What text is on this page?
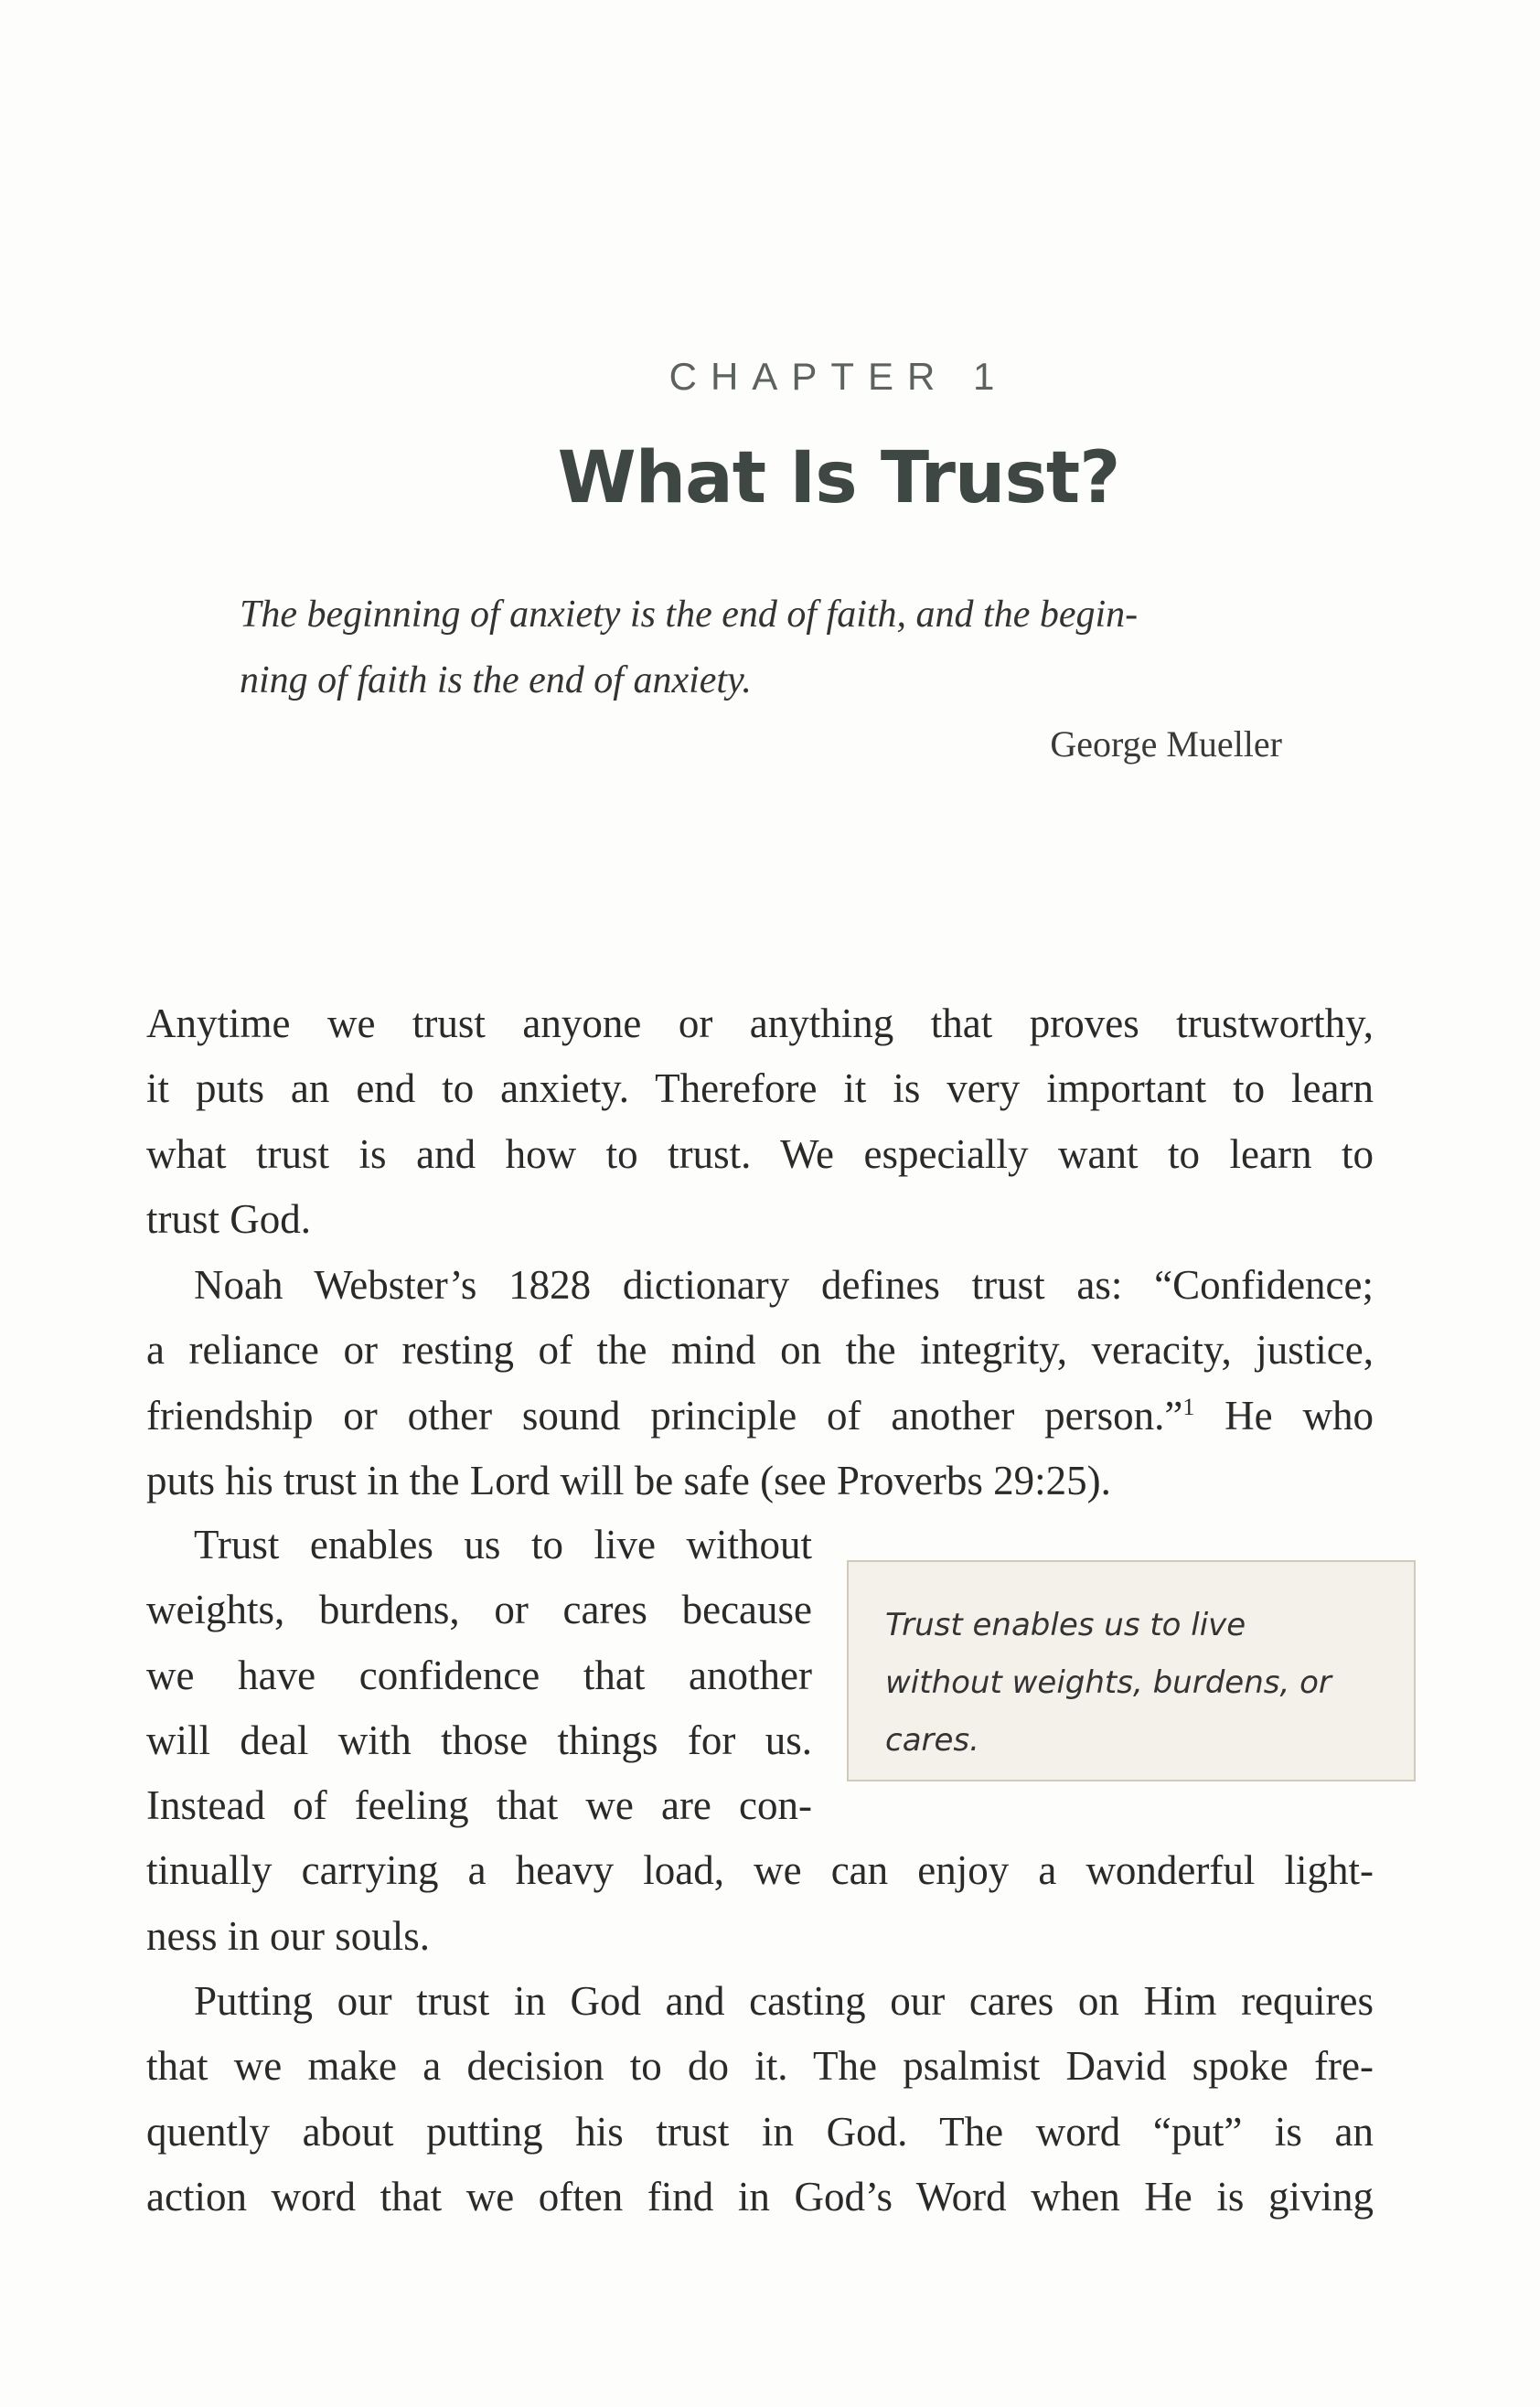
CHAPTER 1
What Is Trust?
The beginning of anxiety is the end of faith, and the begin-
ning of faith is the end of anxiety.
George Mueller
Anytime we trust anyone or anything that proves trustworthy,
it puts an end to anxiety. Therefore it is very important to learn
what trust is and how to trust. We especially want to learn to
trust God.
Noah Webster’s 1828 dictionary defines trust as: “Confidence;
a reliance or resting of the mind on the integrity, veracity, justice,
friendship or other sound principle of another person.”$^1$ He who
puts his trust in the Lord will be safe (see Proverbs 29:25).
Trust enables us to live without
weights, burdens, or cares because
we have confidence that another
will deal with those things for us.
Instead of feeling that we are con-
tinually carrying a heavy load, we can enjoy a wonderful light-
ness in our souls.
Trust enables us to live
without weights, burdens, or
cares.
Putting our trust in God and casting our cares on Him requires
that we make a decision to do it. The psalmist David spoke fre-
quently about putting his trust in God. The word “put” is an
action word that we often find in God’s Word when He is giving
